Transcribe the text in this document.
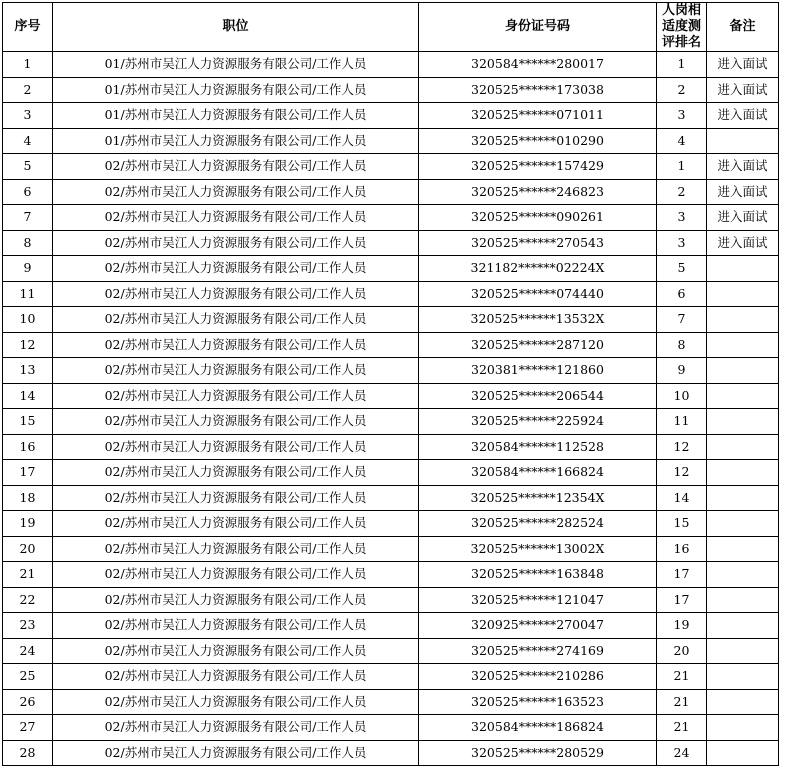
序号	职位	身份证号码	人岗相适度测评排名	备注
1	01/苏州市吴江人力资源服务有限公司/工作人员	320584******280017	1	进入面试
2	01/苏州市吴江人力资源服务有限公司/工作人员	320525******173038	2	进入面试
3	01/苏州市吴江人力资源服务有限公司/工作人员	320525******071011	3	进入面试
4	01/苏州市吴江人力资源服务有限公司/工作人员	320525******010290	4	
5	02/苏州市吴江人力资源服务有限公司/工作人员	320525******157429	1	进入面试
6	02/苏州市吴江人力资源服务有限公司/工作人员	320525******246823	2	进入面试
7	02/苏州市吴江人力资源服务有限公司/工作人员	320525******090261	3	进入面试
8	02/苏州市吴江人力资源服务有限公司/工作人员	320525******270543	3	进入面试
9	02/苏州市吴江人力资源服务有限公司/工作人员	321182******02224X	5	
11	02/苏州市吴江人力资源服务有限公司/工作人员	320525******074440	6	
10	02/苏州市吴江人力资源服务有限公司/工作人员	320525******13532X	7	
12	02/苏州市吴江人力资源服务有限公司/工作人员	320525******287120	8	
13	02/苏州市吴江人力资源服务有限公司/工作人员	320381******121860	9	
14	02/苏州市吴江人力资源服务有限公司/工作人员	320525******206544	10	
15	02/苏州市吴江人力资源服务有限公司/工作人员	320525******225924	11	
16	02/苏州市吴江人力资源服务有限公司/工作人员	320584******112528	12	
17	02/苏州市吴江人力资源服务有限公司/工作人员	320584******166824	12	
18	02/苏州市吴江人力资源服务有限公司/工作人员	320525******12354X	14	
19	02/苏州市吴江人力资源服务有限公司/工作人员	320525******282524	15	
20	02/苏州市吴江人力资源服务有限公司/工作人员	320525******13002X	16	
21	02/苏州市吴江人力资源服务有限公司/工作人员	320525******163848	17	
22	02/苏州市吴江人力资源服务有限公司/工作人员	320525******121047	17	
23	02/苏州市吴江人力资源服务有限公司/工作人员	320925******270047	19	
24	02/苏州市吴江人力资源服务有限公司/工作人员	320525******274169	20	
25	02/苏州市吴江人力资源服务有限公司/工作人员	320525******210286	21	
26	02/苏州市吴江人力资源服务有限公司/工作人员	320525******163523	21	
27	02/苏州市吴江人力资源服务有限公司/工作人员	320584******186824	21	
28	02/苏州市吴江人力资源服务有限公司/工作人员	320525******280529	24	
